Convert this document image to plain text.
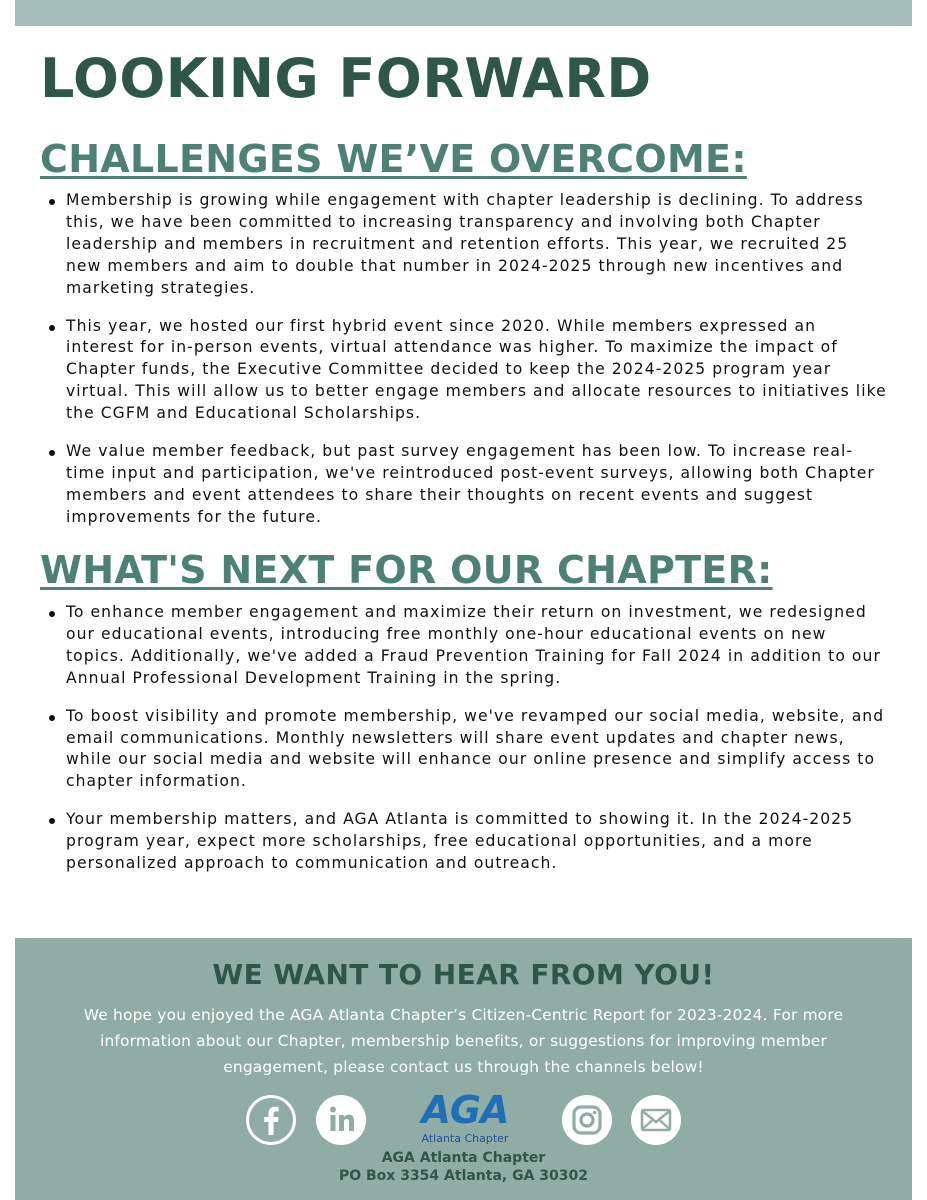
LOOKING FORWARD
CHALLENGES WE’VE OVERCOME:
Membership is growing while engagement with chapter leadership is declining. To address this, we have been committed to increasing transparency and involving both Chapter leadership and members in recruitment and retention efforts. This year, we recruited 25 new members and aim to double that number in 2024-2025 through new incentives and marketing strategies.
This year, we hosted our first hybrid event since 2020. While members expressed an interest for in-person events, virtual attendance was higher. To maximize the impact of Chapter funds, the Executive Committee decided to keep the 2024-2025 program year virtual. This will allow us to better engage members and allocate resources to initiatives like the CGFM and Educational Scholarships.
We value member feedback, but past survey engagement has been low. To increase real-time input and participation, we've reintroduced post-event surveys, allowing both Chapter members and event attendees to share their thoughts on recent events and suggest improvements for the future.
WHAT'S NEXT FOR OUR CHAPTER:
To enhance member engagement and maximize their return on investment, we redesigned our educational events, introducing free monthly one-hour educational events on new topics. Additionally, we've added a Fraud Prevention Training for Fall 2024 in addition to our Annual Professional Development Training in the spring.
To boost visibility and promote membership, we've revamped our social media, website, and email communications. Monthly newsletters will share event updates and chapter news, while our social media and website will enhance our online presence and simplify access to chapter information.
Your membership matters, and AGA Atlanta is committed to showing it. In the 2024-2025 program year, expect more scholarships, free educational opportunities, and a more personalized approach to communication and outreach.
WE WANT TO HEAR FROM YOU!

We hope you enjoyed the AGA Atlanta Chapter’s Citizen-Centric Report for 2023-2024. For more information about our Chapter, membership benefits, or suggestions for improving member engagement, please contact us through the channels below!

AGA
Atlanta Chapter
AGA Atlanta Chapter
PO Box 3354 Atlanta, GA 30302
